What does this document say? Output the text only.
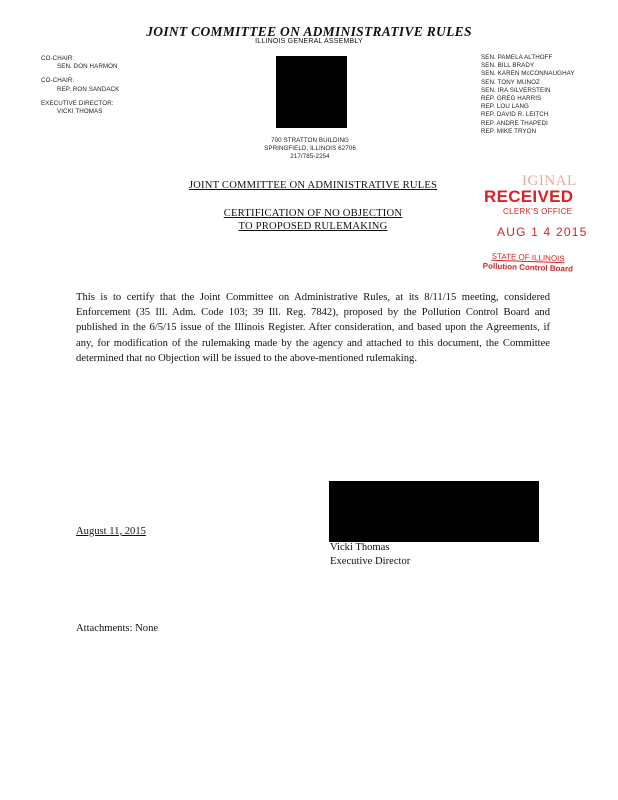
JOINT COMMITTEE ON ADMINISTRATIVE RULES
ILLINOIS GENERAL ASSEMBLY
CO-CHAIR:
SEN. DON HARMON
CO-CHAIR:
REP. RON SANDACK
EXECUTIVE DIRECTOR:
VICKI THOMAS
700 STRATTON BUILDING
SPRINGFIELD, ILLINOIS 62706
217/785-2254
SEN. PAMELA ALTHOFF
SEN. BILL BRADY
SEN. KAREN McCONNAUGHAY
SEN. TONY MUNOZ
SEN. IRA SILVERSTEIN
REP. GREG HARRIS
REP. LOU LANG
REP. DAVID R. LEITCH
REP. ANDRE THAPEDI
REP. MIKE TRYON
IGINAL
RECEIVED
CLERK'S OFFICE
AUG 1 4 2015
STATE OF ILLINOIS
Pollution Control Board
JOINT COMMITTEE ON ADMINISTRATIVE RULES
CERTIFICATION OF NO OBJECTION
TO PROPOSED RULEMAKING
This is to certify that the Joint Committee on Administrative Rules, at its 8/11/15 meeting, considered Enforcement (35 Ill. Adm. Code 103; 39 Ill. Reg. 7842), proposed by the Pollution Control Board and published in the 6/5/15 issue of the Illinois Register. After consideration, and based upon the Agreements, if any, for modification of the rulemaking made by the agency and attached to this document, the Committee determined that no Objection will be issued to the above-mentioned rulemaking.
August 11, 2015
Vicki Thomas
Executive Director
Attachments: None
